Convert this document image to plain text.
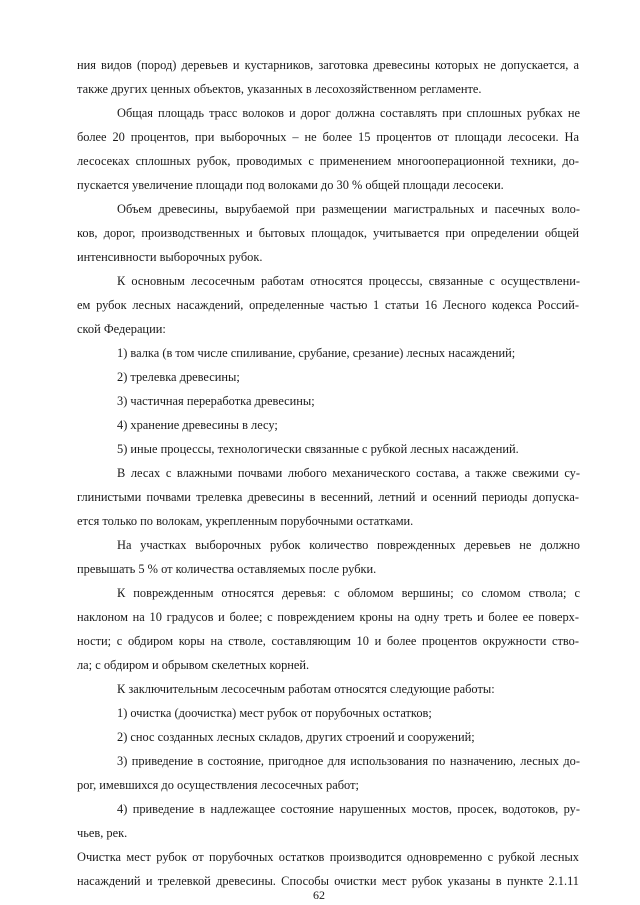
ния видов (пород) деревьев и кустарников, заготовка древесины которых не допускается, а
также других ценных объектов, указанных в лесохозяйственном регламенте.
Общая площадь трасс волоков и дорог должна составлять при сплошных рубках не
более 20 процентов, при выборочных – не более 15 процентов от площади лесосеки. На
лесосеках сплошных рубок, проводимых с применением многооперационной техники, до-
пускается увеличение площади под волоками до 30 % общей площади лесосеки.
Объем древесины, вырубаемой при размещении магистральных и пасечных воло-
ков, дорог, производственных и бытовых площадок, учитывается при определении общей
интенсивности выборочных рубок.
К основным лесосечным работам относятся процессы, связанные с осуществлени-
ем рубок лесных насаждений, определенные частью 1 статьи 16 Лесного кодекса Россий-
ской Федерации:
1) валка (в том числе спиливание, срубание, срезание) лесных насаждений;
2) трелевка древесины;
3) частичная переработка древесины;
4) хранение древесины в лесу;
5) иные процессы, технологически связанные с рубкой лесных насаждений.
В лесах с влажными почвами любого механического состава, а также свежими су-
глинистыми почвами трелевка древесины в весенний, летний и осенний периоды допуска-
ется только по волокам, укрепленным порубочными остатками.
На участках выборочных рубок количество поврежденных деревьев не должно
превышать 5 % от количества оставляемых после рубки.
К поврежденным относятся деревья: с обломом вершины; со сломом ствола; с
наклоном на 10 градусов и более; с повреждением кроны на одну треть и более ее поверх-
ности; с обдиром коры на стволе, составляющим 10 и более процентов окружности ство-
ла; с обдиром и обрывом скелетных корней.
К заключительным лесосечным работам относятся следующие работы:
1) очистка (доочистка) мест рубок от порубочных остатков;
2) снос созданных лесных складов, других строений и сооружений;
3) приведение в состояние, пригодное для использования по назначению, лесных до-
рог, имевшихся до осуществления лесосечных работ;
4) приведение в надлежащее состояние нарушенных мостов, просек, водотоков, ру-
чьев, рек.
Очистка мест рубок от порубочных остатков производится одновременно с рубкой лесных
насаждений и трелевкой древесины. Способы очистки мест рубок указаны в пункте 2.1.11
62
